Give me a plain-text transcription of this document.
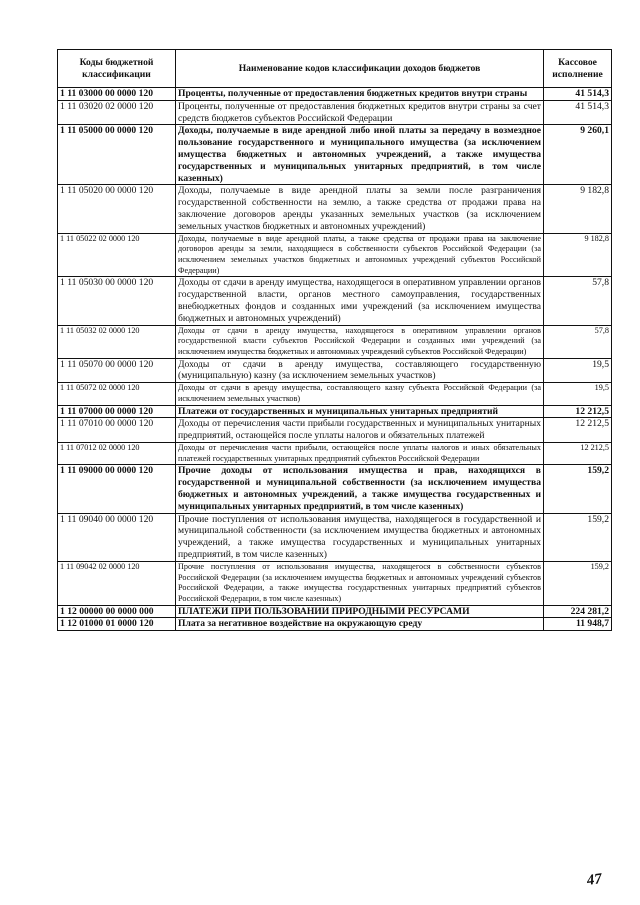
Коды бюджетной классификации	Наименование кодов классификации доходов бюджетов	Кассовое исполнение
1 11 03000 00 0000 120	Проценты, полученные от предоставления бюджетных кредитов внутри страны	41 514,3
1 11 03020 02 0000 120	Проценты, полученные от предоставления бюджетных кредитов внутри страны за счет средств бюджетов субъектов Российской Федерации	41 514,3
1 11 05000 00 0000 120	Доходы, получаемые в виде арендной либо иной платы за передачу в возмездное пользование государственного и муниципального имущества (за исключением имущества бюджетных и автономных учреждений, а также имущества государственных и муниципальных унитарных предприятий, в том числе казенных)	9 260,1
1 11 05020 00 0000 120	Доходы, получаемые в виде арендной платы за земли после разграничения государственной собственности на землю, а также средства от продажи права на заключение договоров аренды указанных земельных участков (за исключением земельных участков бюджетных и автономных учреждений)	9 182,8
1 11 05022 02 0000 120	Доходы, получаемые в виде арендной платы, а также средства от продажи права на заключение договоров аренды за земли, находящиеся в собственности субъектов Российской Федерации (за исключением земельных участков бюджетных и автономных учреждений субъектов Российской Федерации)	9 182,8
1 11 05030 00 0000 120	Доходы от сдачи в аренду имущества, находящегося в оперативном управлении органов государственной власти, органов местного самоуправления, государственных внебюджетных фондов и созданных ими учреждений (за исключением имущества бюджетных и автономных учреждений)	57,8
1 11 05032 02 0000 120	Доходы от сдачи в аренду имущества, находящегося в оперативном управлении органов государственной власти субъектов Российской Федерации и созданных ими учреждений (за исключением имущества бюджетных и автономных учреждений субъектов Российской Федерации)	57,8
1 11 05070 00 0000 120	Доходы от сдачи в аренду имущества, составляющего государственную (муниципальную) казну (за исключением земельных участков)	19,5
1 11 05072 02 0000 120	Доходы от сдачи в аренду имущества, составляющего казну субъекта Российской Федерации (за исключением земельных участков)	19,5
1 11 07000 00 0000 120	Платежи от государственных и муниципальных унитарных предприятий	12 212,5
1 11 07010 00 0000 120	Доходы от перечисления части прибыли государственных и муниципальных унитарных предприятий, остающейся после уплаты налогов и обязательных платежей	12 212,5
1 11 07012 02 0000 120	Доходы от перечисления части прибыли, остающейся после уплаты налогов и иных обязательных платежей государственных унитарных предприятий субъектов Российской Федерации	12 212,5
1 11 09000 00 0000 120	Прочие доходы от использования имущества и прав, находящихся в государственной и муниципальной собственности (за исключением имущества бюджетных и автономных учреждений, а также имущества государственных и муниципальных унитарных предприятий, в том числе казенных)	159,2
1 11 09040 00 0000 120	Прочие поступления от использования имущества, находящегося в государственной и муниципальной собственности (за исключением имущества бюджетных и автономных учреждений, а также имущества государственных и муниципальных унитарных предприятий, в том числе казенных)	159,2
1 11 09042 02 0000 120	Прочие поступления от использования имущества, находящегося в собственности субъектов Российской Федерации (за исключением имущества бюджетных и автономных учреждений субъектов Российской Федерации, а также имущества государственных унитарных предприятий субъектов Российской Федерации, в том числе казенных)	159,2
1 12 00000 00 0000 000	ПЛАТЕЖИ ПРИ ПОЛЬЗОВАНИИ ПРИРОДНЫМИ РЕСУРСАМИ	224 281,2
1 12 01000 01 0000 120	Плата за негативное воздействие на окружающую среду	11 948,7
47
